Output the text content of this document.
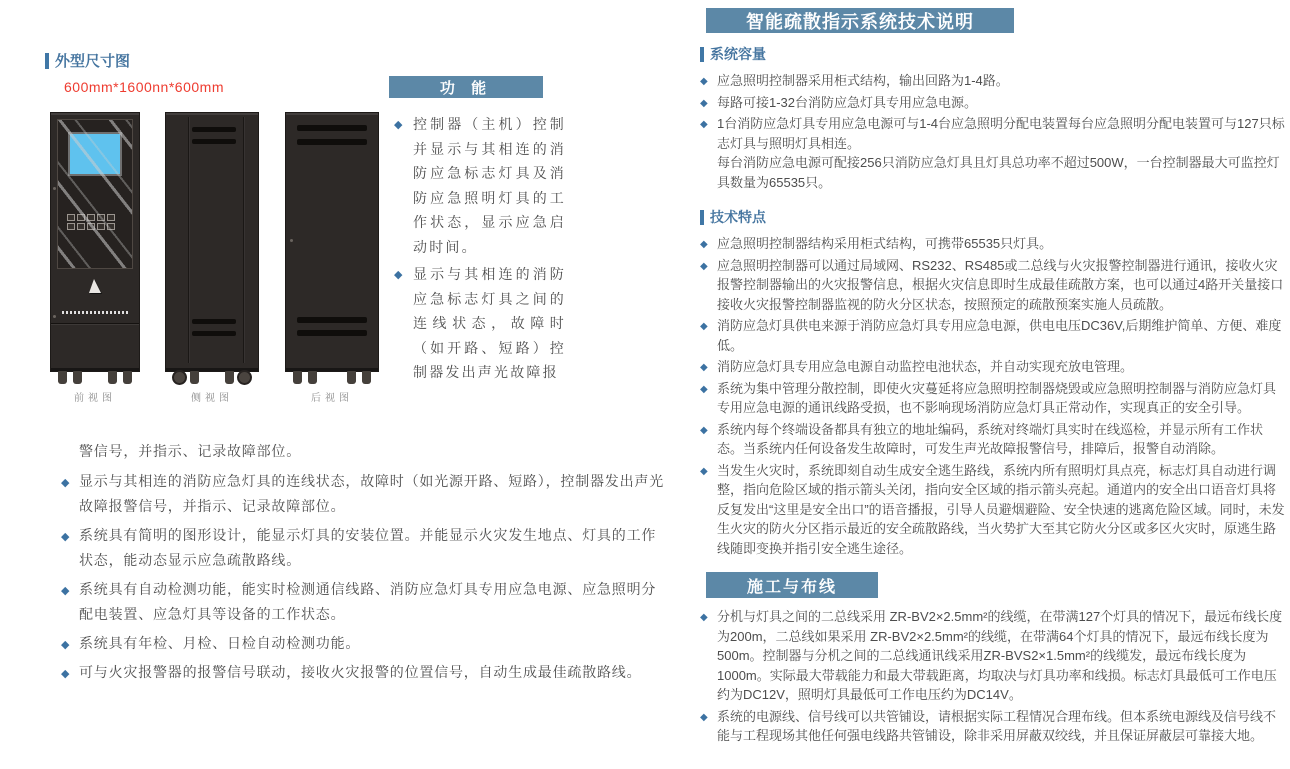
外型尺寸图
600mm*1600nn*600mm
前视图	侧视图	后视图
功 能
◆ 控制器（主机）控制并显示与其相连的消防应急标志灯具及消防应急照明灯具的工作状态，显示应急启动时间。
◆ 显示与其相连的消防应急标志灯具之间的连线状态，故障时（如开路、短路）控制器发出声光故障报
警信号，并指示、记录故障部位。
◆ 显示与其相连的消防应急灯具的连线状态，故障时（如光源开路、短路），控制器发出声光故障报警信号，并指示、记录故障部位。
◆ 系统具有简明的图形设计，能显示灯具的安装位置。并能显示火灾发生地点、灯具的工作状态，能动态显示应急疏散路线。
◆ 系统具有自动检测功能，能实时检测通信线路、消防应急灯具专用应急电源、应急照明分配电装置、应急灯具等设备的工作状态。
◆ 系统具有年检、月检、日检自动检测功能。
◆ 可与火灾报警器的报警信号联动，接收火灾报警的位置信号，自动生成最佳疏散路线。
智能疏散指示系统技术说明
系统容量
◆ 应急照明控制器采用柜式结构，输出回路为1-4路。
◆ 每路可接1-32台消防应急灯具专用应急电源。
◆ 1台消防应急灯具专用应急电源可与1-4台应急照明分配电装置每台应急照明分配电装置可与127只标志灯具与照明灯具相连。
每台消防应急电源可配接256只消防应急灯具且灯具总功率不超过500W，一台控制器最大可监控灯具数量为65535只。
技术特点
◆ 应急照明控制器结构采用柜式结构，可携带65535只灯具。
◆ 应急照明控制器可以通过局域网、RS232、RS485或二总线与火灾报警控制器进行通讯，接收火灾报警控制器输出的火灾报警信息，根据火灾信息即时生成最佳疏散方案，也可以通过4路开关量接口接收火灾报警控制器监视的防火分区状态，按照预定的疏散预案实施人员疏散。
◆ 消防应急灯具供电来源于消防应急灯具专用应急电源，供电电压DC36V,后期维护简单、方便、难度低。
◆ 消防应急灯具专用应急电源自动监控电池状态，并自动实现充放电管理。
◆ 系统为集中管理分散控制，即使火灾蔓延将应急照明控制器烧毁或应急照明控制器与消防应急灯具专用应急电源的通讯线路受损，也不影响现场消防应急灯具正常动作，实现真正的安全引导。
◆ 系统内每个终端设备都具有独立的地址编码，系统对终端灯具实时在线巡检，并显示所有工作状态。当系统内任何设备发生故障时，可发生声光故障报警信号，排障后，报警自动消除。
◆ 当发生火灾时，系统即刻自动生成安全逃生路线，系统内所有照明灯具点亮，标志灯具自动进行调整，指向危险区域的指示箭头关闭，指向安全区域的指示箭头亮起。通道内的安全出口语音灯具将反复发出“这里是安全出口”的语音播报，引导人员避烟避险、安全快速的逃离危险区域。同时，未发生火灾的防火分区指示最近的安全疏散路线，当火势扩大至其它防火分区或多区火灾时，原逃生路线随即变换并指引安全逃生途径。
施工与布线
◆ 分机与灯具之间的二总线采用 ZR-BV2×2.5mm²的线缆，在带满127个灯具的情况下，最远布线长度为200m，二总线如果采用 ZR-BV2×2.5mm²的线缆，在带满64个灯具的情况下，最远布线长度为500m。控制器与分机之间的二总线通讯线采用ZR-BVS2×1.5mm²的线缆发，最远布线长度为1000m。实际最大带载能力和最大带载距离，均取决与灯具功率和线损。标志灯具最低可工作电压约为DC12V，照明灯具最低可工作电压约为DC14V。
◆ 系统的电源线、信号线可以共管铺设，请根据实际工程情况合理布线。但本系统电源线及信号线不能与工程现场其他任何强电线路共管铺设，除非采用屏蔽双绞线，并且保证屏蔽层可靠接大地。
